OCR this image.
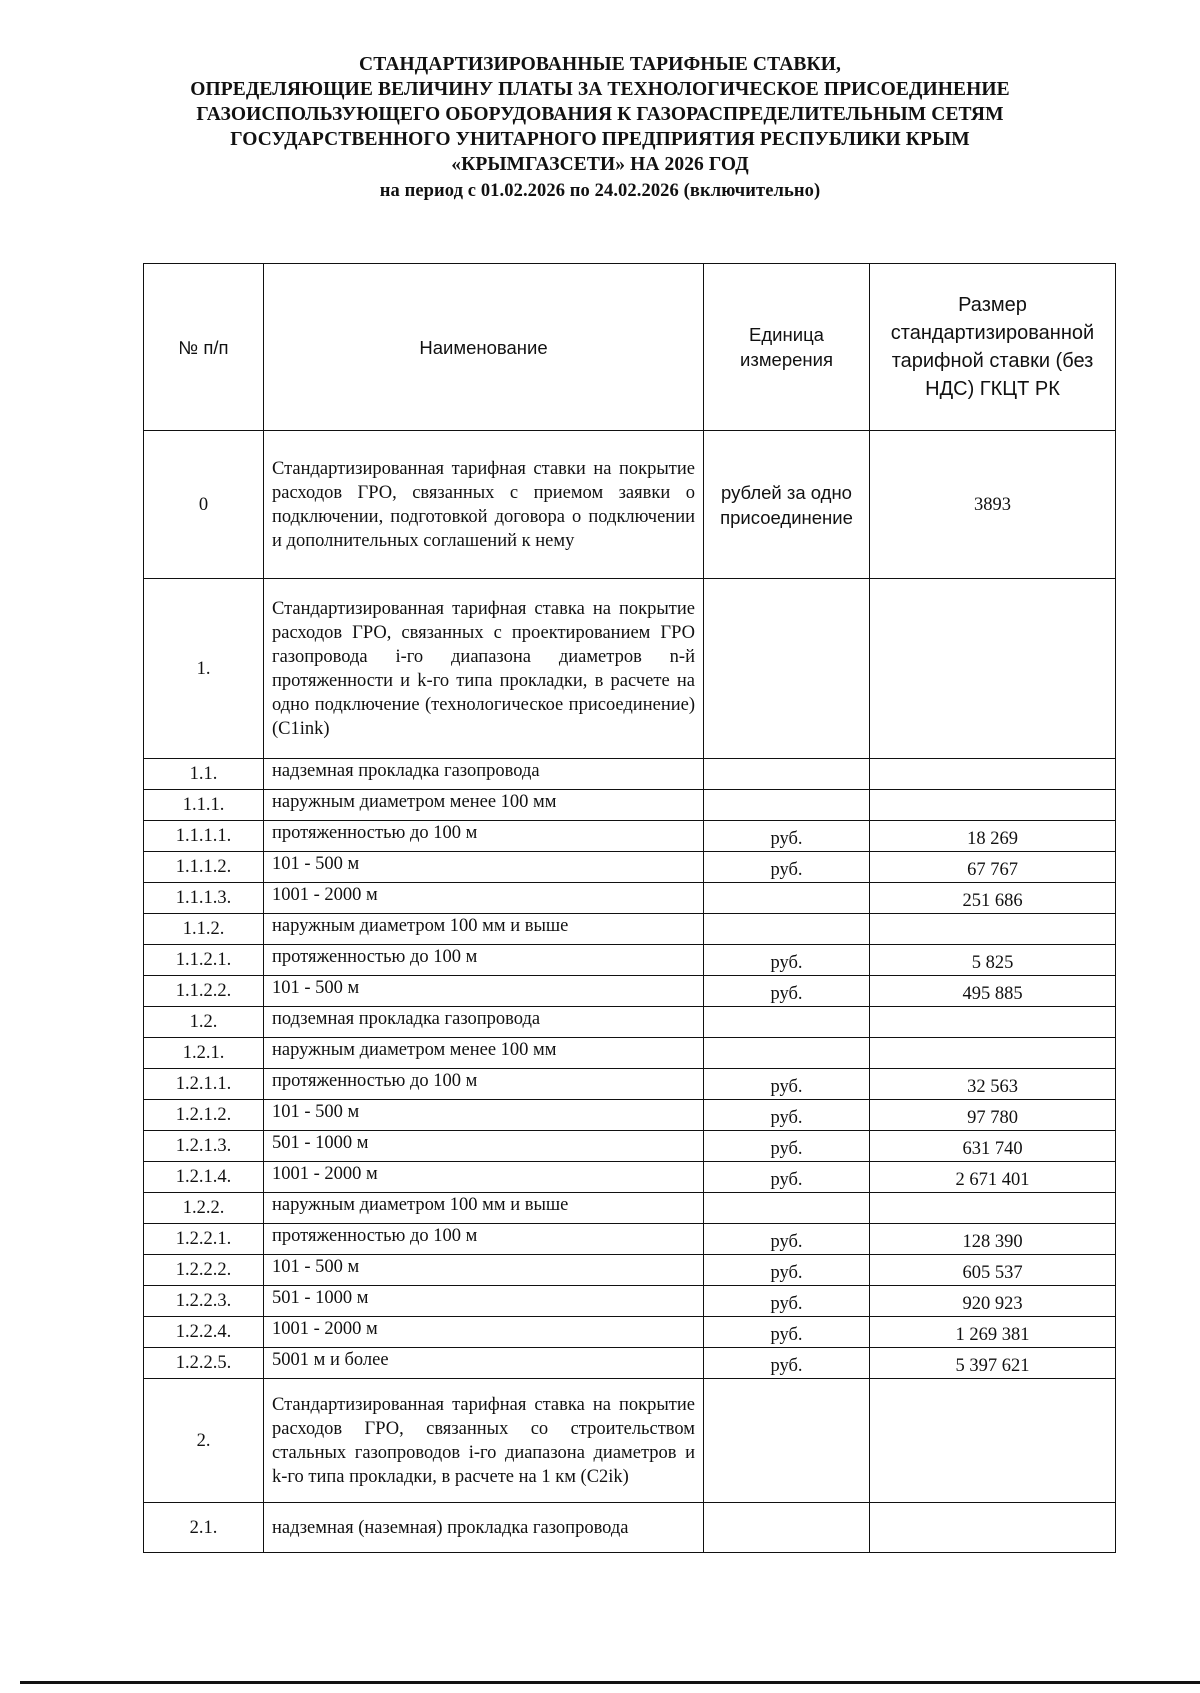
СТАНДАРТИЗИРОВАННЫЕ ТАРИФНЫЕ СТАВКИ,
ОПРЕДЕЛЯЮЩИЕ ВЕЛИЧИНУ ПЛАТЫ ЗА ТЕХНОЛОГИЧЕСКОЕ ПРИСОЕДИНЕНИЕ
ГАЗОИСПОЛЬЗУЮЩЕГО ОБОРУДОВАНИЯ К ГАЗОРАСПРЕДЕЛИТЕЛЬНЫМ СЕТЯМ
ГОСУДАРСТВЕННОГО УНИТАРНОГО ПРЕДПРИЯТИЯ РЕСПУБЛИКИ КРЫМ
«КРЫМГАЗСЕТИ» НА 2026 ГОД
на период с 01.02.2026 по 24.02.2026 (включительно)
№ п/п	Наименование	Единица измерения	Размер стандартизированной тарифной ставки (без НДС) ГКЦТ РК
0	Стандартизированная тарифная ставки на покрытие расходов ГРО, связанных с приемом заявки о подключении, подготовкой договора о подключении и дополнительных соглашений к нему	рублей за одно присоединение	3893
1.	Стандартизированная тарифная ставка на покрытие расходов ГРО, связанных с проектированием ГРО газопровода i-го диапазона диаметров n-й протяженности и k-го типа прокладки, в расчете на одно подключение (технологическое присоединение) (C1ink)		
1.1.	надземная прокладка газопровода		
1.1.1.	наружным диаметром менее 100 мм		
1.1.1.1.	протяженностью до 100 м	руб.	18 269
1.1.1.2.	101 - 500 м	руб.	67 767
1.1.1.3.	1001 - 2000 м		251 686
1.1.2.	наружным диаметром 100 мм и выше		
1.1.2.1.	протяженностью до 100 м	руб.	5 825
1.1.2.2.	101 - 500 м	руб.	495 885
1.2.	подземная прокладка газопровода		
1.2.1.	наружным диаметром менее 100 мм		
1.2.1.1.	протяженностью до 100 м	руб.	32 563
1.2.1.2.	101 - 500 м	руб.	97 780
1.2.1.3.	501 - 1000 м	руб.	631 740
1.2.1.4.	1001 - 2000 м	руб.	2 671 401
1.2.2.	наружным диаметром 100 мм и выше		
1.2.2.1.	протяженностью до 100 м	руб.	128 390
1.2.2.2.	101 - 500 м	руб.	605 537
1.2.2.3.	501 - 1000 м	руб.	920 923
1.2.2.4.	1001 - 2000 м	руб.	1 269 381
1.2.2.5.	5001 м и более	руб.	5 397 621
2.	Стандартизированная тарифная ставка на покрытие расходов ГРО, связанных со строительством стальных газопроводов i-го диапазона диаметров и k-го типа прокладки, в расчете на 1 км (C2ik)		
2.1.	надземная (наземная) прокладка газопровода		
